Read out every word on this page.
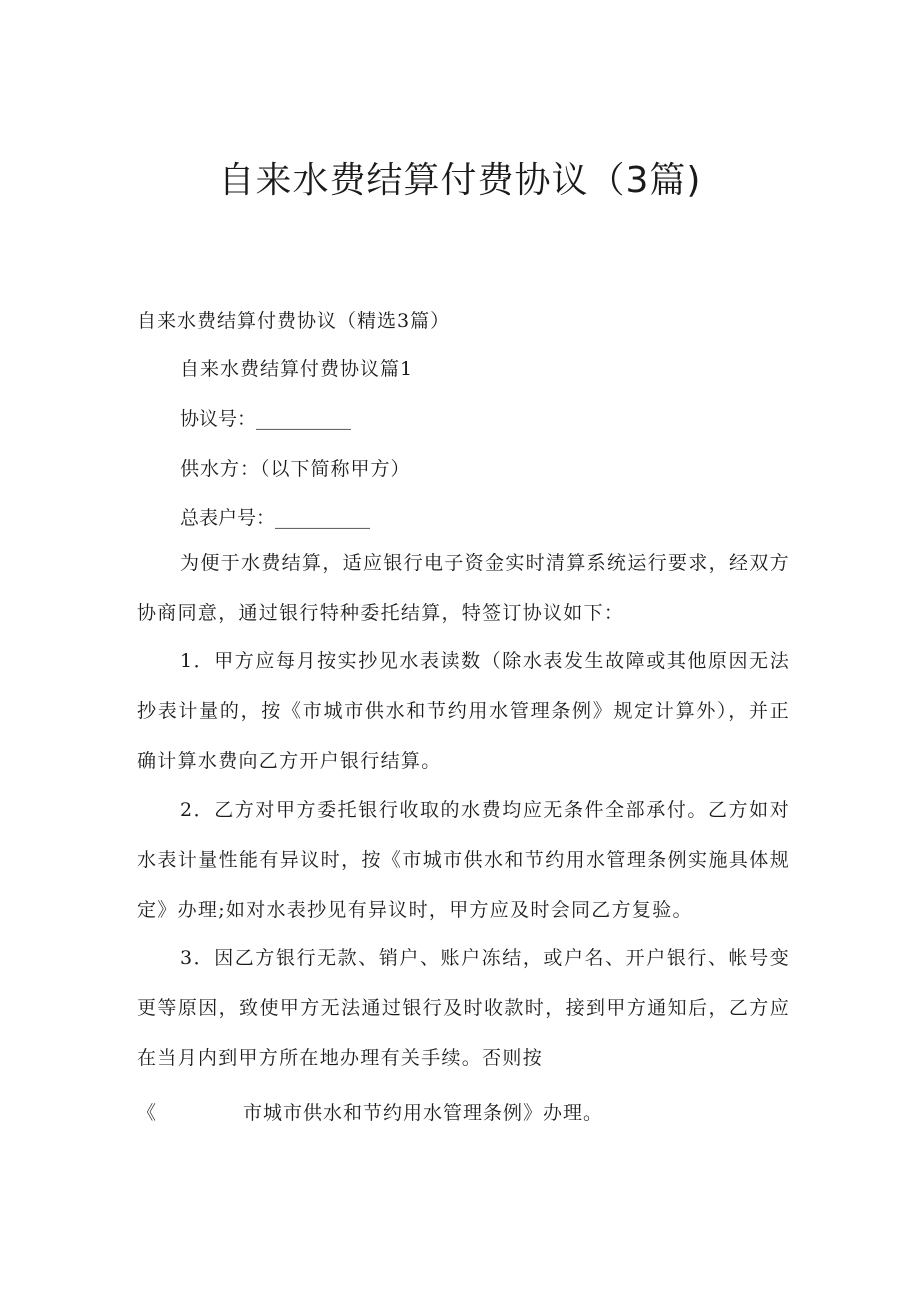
自来水费结算付费协议（3篇)
自来水费结算付费协议（精选3篇）
自来水费结算付费协议篇1
协议号：__________
供水方：（以下简称甲方）
总表户号：__________

为便于水费结算，适应银行电子资金实时清算系统运行要求，经双方协商同意，通过银行特种委托结算，特签订协议如下：

1．甲方应每月按实抄见水表读数（除水表发生故障或其他原因无法抄表计量的，按《市城市供水和节约用水管理条例》规定计算外），并正确计算水费向乙方开户银行结算。

2．乙方对甲方委托银行收取的水费均应无条件全部承付。乙方如对水表计量性能有异议时，按《市城市供水和节约用水管理条例实施具体规定》办理;如对水表抄见有异议时，甲方应及时会同乙方复验。

3．因乙方银行无款、销户、账户冻结，或户名、开户银行、帐号变更等原因，致使甲方无法通过银行及时收款时，接到甲方通知后，乙方应在当月内到甲方所在地办理有关手续。否则按

《	市城市供水和节约用水管理条例》办理。
